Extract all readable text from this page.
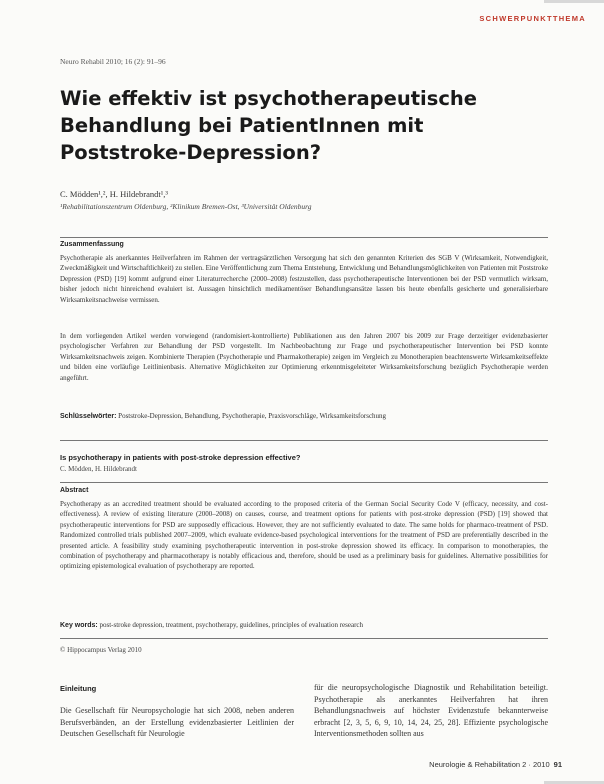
SCHWERPUNKTTHEMA
Neuro Rehabil 2010; 16 (2): 91–96
Wie effektiv ist psychotherapeutische Behandlung bei PatientInnen mit Poststroke-Depression?
C. Mödden¹,², H. Hildebrandt¹,³
¹Rehabilitationszentrum Oldenburg, ²Klinikum Bremen-Ost, ³Universität Oldenburg
Zusammenfassung

Psychotherapie als anerkanntes Heilverfahren im Rahmen der vertragsärztlichen Versorgung hat sich den genannten Kriterien des SGB V (Wirksamkeit, Notwendigkeit, Zweckmäßigkeit und Wirtschaftlichkeit) zu stellen. Eine Veröffentlichung zum Thema Entstehung, Entwicklung und Behandlungsmöglichkeiten von Patienten mit Poststroke Depression (PSD) [19] kommt aufgrund einer Literaturrecherche (2000–2008) festzustellen, dass psychotherapeutische Interventionen bei der PSD vermutlich wirksam, bisher jedoch nicht hinreichend evaluiert ist. Aussagen hinsichtlich medikamentöser Behandlungsansätze lassen bis heute ebenfalls gesicherte und generalisierbare Wirksamkeitsnachweise vermissen.

In dem vorliegenden Artikel werden vorwiegend (randomisiert-kontrollierte) Publikationen aus den Jahren 2007 bis 2009 zur Frage derzeitiger evidenzbasierter psychologischer Verfahren zur Behandlung der PSD vorgestellt. Im Nachbeobachtung zur Frage und psychotherapeutischer Intervention bei PSD konnte Wirksamkeitsnachweis zeigen. Kombinierte Therapien (Psychotherapie und Pharmakotherapie) zeigen im Vergleich zu Monotherapien beachtenswerte Wirksamkeitseffekte und bilden eine vorläufige Leitlinienbasis. Alternative Möglichkeiten zur Optimierung erkenntnisgeleiteter Wirksamkeitsforschung bezüglich Psychotherapie werden angeführt.

Schlüsselwörter: Poststroke-Depression, Behandlung, Psychotherapie, Praxisvorschläge, Wirksamkeitsforschung

Is psychotherapy in patients with post-stroke depression effective?
C. Mödden, H. Hildebrandt
Abstract

Psychotherapy as an accredited treatment should be evaluated according to the proposed criteria of the German Social Security Code V (efficacy, necessity, and cost-effectiveness). A review of existing literature (2000–2008) on causes, course, and treatment options for patients with post-stroke depression (PSD) [19] showed that psychotherapeutic interventions for PSD are supposedly efficacious. However, they are not sufficiently evaluated to date. The same holds for pharmaco-treatment of PSD. Randomized controlled trials published 2007–2009, which evaluate evidence-based psychological interventions for the treatment of PSD are preferentially described in the presented article. A feasibility study examining psychotherapeutic intervention in post-stroke depression showed its efficacy. In comparison to monotherapies, the combination of psychotherapy and pharmacotherapy is notably efficacious and, therefore, should be used as a preliminary basis for guidelines. Alternative possibilities for optimizing epistemological evaluation of psychotherapy are reported.

Key words: post-stroke depression, treatment, psychotherapy, guidelines, principles of evaluation research

© Hippocampus Verlag 2010
Einleitung

Die Gesellschaft für Neuropsychologie hat sich 2008, neben anderen Berufsverbänden, an der Erstellung evidenzbasierter Leitlinien der Deutschen Gesellschaft für Neurologie

für die neuropsychologische Diagnostik und Rehabilitation beteiligt. Psychotherapie als anerkanntes Heilverfahren hat ihren Behandlungsnachweis auf höchster Evidenzstufe bekannterweise erbracht [2, 3, 5, 6, 9, 10, 14, 24, 25, 28]. Effiziente psychologische Interventionsmethoden sollten aus

Neurologie & Rehabilitation 2 · 2010 91
